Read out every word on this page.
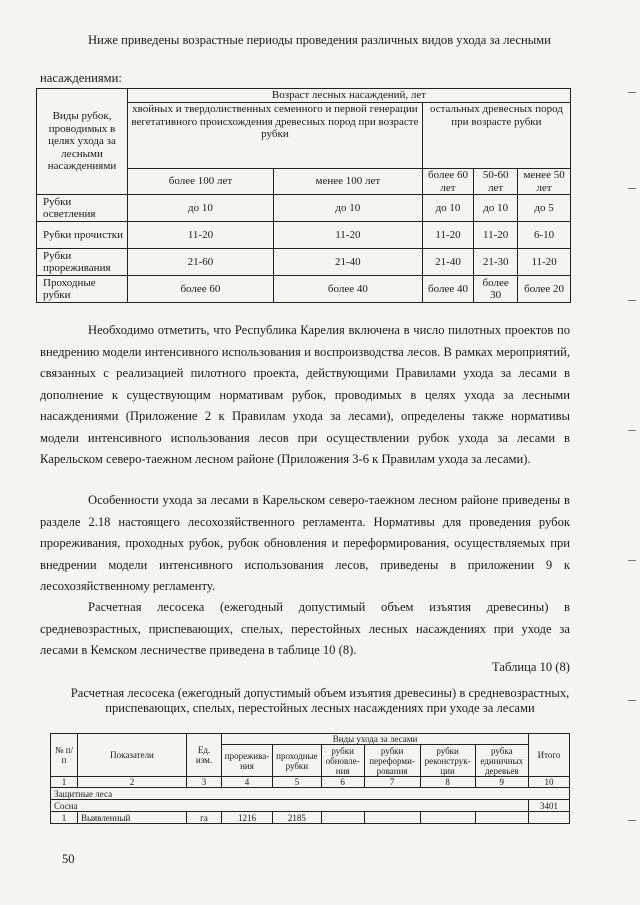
Ниже приведены возрастные периоды проведения различных видов ухода за лесными
насаждениями:
Виды рубок, проводимых в целях ухода за лесными насаждениями	Возраст лесных насаждений, лет				
	хвойных и твердолиственных семенного и первой генерации вегетативного происхождения древесных пород при возрасте рубки		остальных древесных пород при возрасте рубки		
	более 100 лет	менее 100 лет	более 60 лет	50-60 лет	менее 50 лет
Рубки осветления	до 10	до 10	до 10	до 10	до 5
Рубки прочистки	11-20	11-20	11-20	11-20	6-10
Рубки прореживания	21-60	21-40	21-40	21-30	11-20
Проходные рубки	более 60	более 40	более 40	более 30	более 20
Необходимо отметить, что Республика Карелия включена в число пилотных проектов по внедрению модели интенсивного использования и воспроизводства лесов. В рамках мероприятий, связанных с реализацией пилотного проекта, действующими Правилами ухода за лесами в дополнение к существующим нормативам рубок, проводимых в целях ухода за лесными насаждениями (Приложение 2 к Правилам ухода за лесами), определены также нормативы модели интенсивного использования лесов при осуществлении рубок ухода за лесами в Карельском северо-таежном лесном районе (Приложения 3-6 к Правилам ухода за лесами).
Особенности ухода за лесами в Карельском северо-таежном лесном районе приведены в разделе 2.18 настоящего лесохозяйственного регламента. Нормативы для проведения рубок прореживания, проходных рубок, рубок обновления и переформирования, осуществляемых при внедрении модели интенсивного использования лесов, приведены в приложении 9 к лесохозяйственному регламенту.
Расчетная лесосека (ежегодный допустимый объем изъятия древесины) в средневозрастных, приспевающих, спелых, перестойных лесных насаждениях при уходе за лесами в Кемском лесничестве приведена в таблице 10 (8).
Таблица 10 (8)
Расчетная лесосека (ежегодный допустимый объем изъятия древесины) в средневозрастных, приспевающих, спелых, перестойных лесных насаждениях при уходе за лесами
№ п/ п	Показатели	Ед. изм.	Виды ухода за лесами						Итого
			прорежива- ния	проходные рубки	рубки обновле- ния	рубки переформи- рования	рубки реконструк- ции	рубка единичных деревьев	
1	2	3	4	5	6	7	8	9	10
Защитные леса									
Сосна									3401
1	Выявленный	га	1216	2185					
50
